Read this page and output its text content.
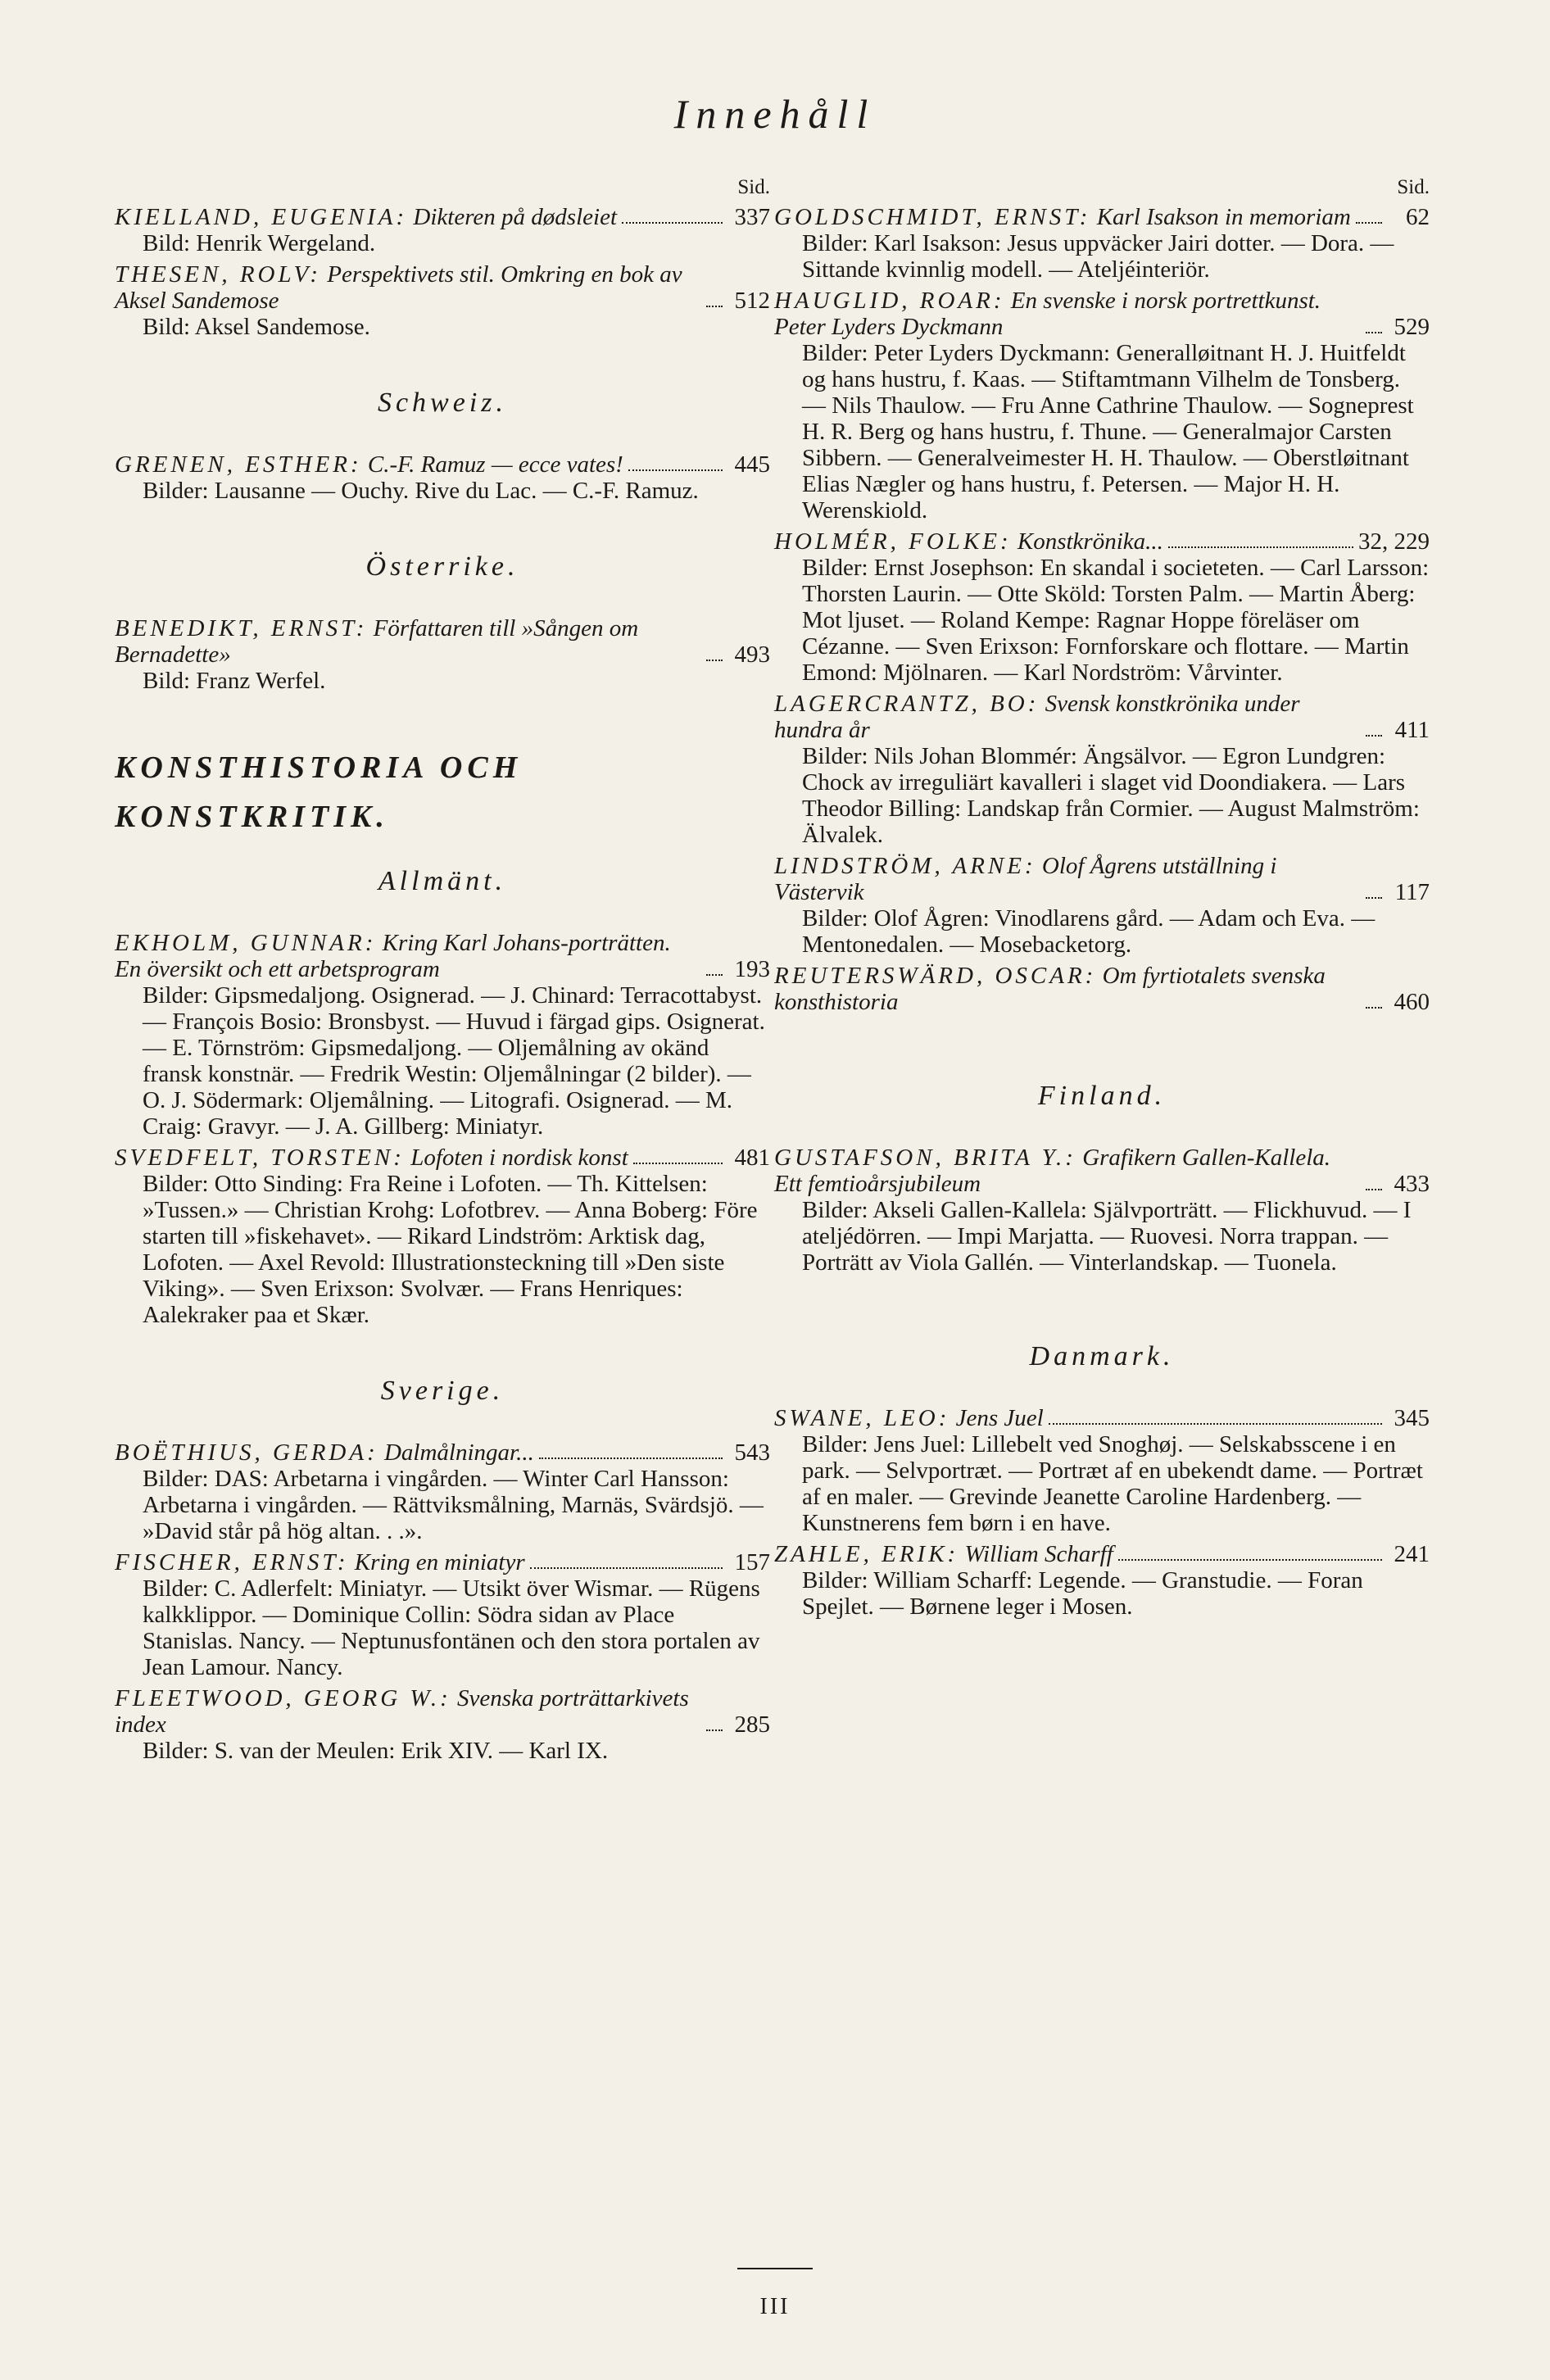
Innehåll
Sid.
KIELLAND, EUGENIA: Dikteren på dødsleiet	337
Bild: Henrik Wergeland.
THESEN, ROLV: Perspektivets stil. Omkring en bok av Aksel Sandemose	512
Bild: Aksel Sandemose.
Schweiz.
GRENEN, ESTHER: C.-F. Ramuz — ecce vates!	445
Bilder: Lausanne — Ouchy. Rive du Lac. — C.-F. Ramuz.
Österrike.
BENEDIKT, ERNST: Författaren till »Sången om Bernadette»	493
Bild: Franz Werfel.
KONSTHISTORIA OCH
KONSTKRITIK.
Allmänt.
EKHOLM, GUNNAR: Kring Karl Johans-porträtten. En översikt och ett arbetsprogram	193
Bilder: Gipsmedaljong. Osignerad. — J. Chinard: Terracottabyst. — François Bosio: Bronsbyst. — Huvud i färgad gips. Osignerat. — E. Törnström: Gipsmedaljong. — Oljemålning av okänd fransk konstnär. — Fredrik Westin: Oljemålningar (2 bilder). — O. J. Södermark: Oljemålning. — Litografi. Osignerad. — M. Craig: Gravyr. — J. A. Gillberg: Miniatyr.
SVEDFELT, TORSTEN: Lofoten i nordisk konst	481
Bilder: Otto Sinding: Fra Reine i Lofoten. — Th. Kittelsen: »Tussen.» — Christian Krohg: Lofotbrev. — Anna Boberg: Före starten till »fiskehavet». — Rikard Lindström: Arktisk dag, Lofoten. — Axel Revold: Illustrationsteckning till »Den siste Viking». — Sven Erixson: Svolvær. — Frans Henriques: Aalekraker paa et Skær.
Sverige.
BOËTHIUS, GERDA: Dalmålningar...	543
Bilder: DAS: Arbetarna i vingården. — Winter Carl Hansson: Arbetarna i vingården. — Rättviksmålning, Marnäs, Svärdsjö. — »David står på hög altan. . .».
FISCHER, ERNST: Kring en miniatyr	157
Bilder: C. Adlerfelt: Miniatyr. — Utsikt över Wismar. — Rügens kalkklippor. — Dominique Collin: Södra sidan av Place Stanislas. Nancy. — Neptunusfontänen och den stora portalen av Jean Lamour. Nancy.
FLEETWOOD, GEORG W.: Svenska porträttarkivets index	285
Bilder: S. van der Meulen: Erik XIV. — Karl IX.
Sid.
GOLDSCHMIDT, ERNST: Karl Isakson in memoriam	62
Bilder: Karl Isakson: Jesus uppväcker Jairi dotter. — Dora. — Sittande kvinnlig modell. — Ateljéinteriör.
HAUGLID, ROAR: En svenske i norsk portrettkunst. Peter Lyders Dyckmann	529
Bilder: Peter Lyders Dyckmann: Generalløitnant H. J. Huitfeldt og hans hustru, f. Kaas. — Stiftamtmann Vilhelm de Tonsberg. — Nils Thaulow. — Fru Anne Cathrine Thaulow. — Sogneprest H. R. Berg og hans hustru, f. Thune. — Generalmajor Carsten Sibbern. — Generalveimester H. H. Thaulow. — Oberstløitnant Elias Nægler og hans hustru, f. Petersen. — Major H. H. Werenskiold.
HOLMÉR, FOLKE: Konstkrönika...	32, 229
Bilder: Ernst Josephson: En skandal i societeten. — Carl Larsson: Thorsten Laurin. — Otte Sköld: Torsten Palm. — Martin Åberg: Mot ljuset. — Roland Kempe: Ragnar Hoppe föreläser om Cézanne. — Sven Erixson: Fornforskare och flottare. — Martin Emond: Mjölnaren. — Karl Nordström: Vårvinter.
LAGERCRANTZ, BO: Svensk konstkrönika under hundra år	411
Bilder: Nils Johan Blommér: Ängsälvor. — Egron Lundgren: Chock av irreguliärt kavalleri i slaget vid Doondiakera. — Lars Theodor Billing: Landskap från Cormier. — August Malmström: Älvalek.
LINDSTRÖM, ARNE: Olof Ågrens utställning i Västervik	117
Bilder: Olof Ågren: Vinodlarens gård. — Adam och Eva. — Mentonedalen. — Mosebacketorg.
REUTERSWÄRD, OSCAR: Om fyrtiotalets svenska konsthistoria	460
Finland.
GUSTAFSON, BRITA Y.: Grafikern Gallen-Kallela. Ett femtioårsjubileum	433
Bilder: Akseli Gallen-Kallela: Självporträtt. — Flickhuvud. — I ateljédörren. — Impi Marjatta. — Ruovesi. Norra trappan. — Porträtt av Viola Gallén. — Vinterlandskap. — Tuonela.
Danmark.
SWANE, LEO: Jens Juel	345
Bilder: Jens Juel: Lillebelt ved Snoghøj. — Selskabsscene i en park. — Selvportræt. — Portræt af en ubekendt dame. — Portræt af en maler. — Grevinde Jeanette Caroline Hardenberg. — Kunstnerens fem børn i en have.
ZAHLE, ERIK: William Scharff	241
Bilder: William Scharff: Legende. — Granstudie. — Foran Spejlet. — Børnene leger i Mosen.
III
